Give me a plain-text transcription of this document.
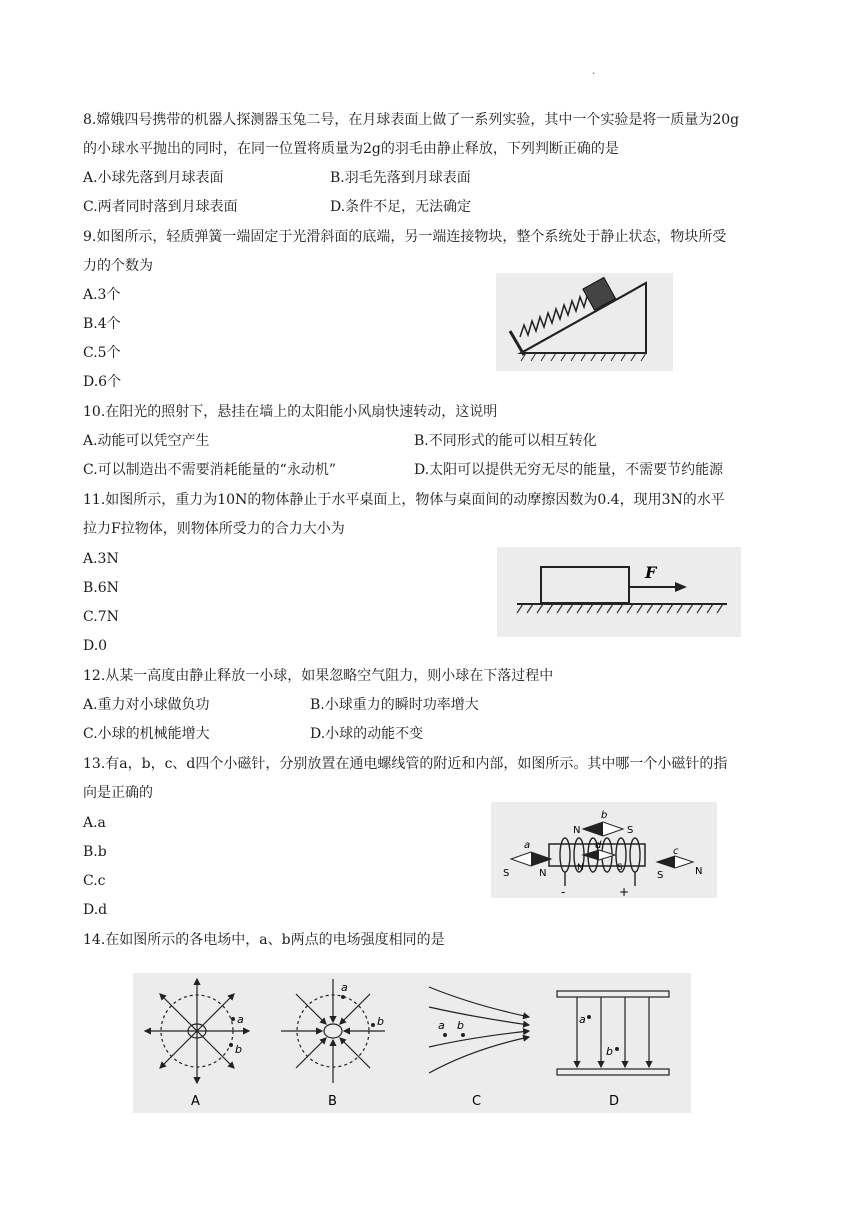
.
8.嫦娥四号携带的机器人探测器玉兔二号，在月球表面上做了一系列实验，其中一个实验是将一质量为20g
的小球水平抛出的同时，在同一位置将质量为2g的羽毛由静止释放，下列判断正确的是
A.小球先落到月球表面	B.羽毛先落到月球表面
C.两者同时落到月球表面	D.条件不足，无法确定
9.如图所示，轻质弹簧一端固定于光滑斜面的底端，另一端连接物块，整个系统处于静止状态，物块所受
力的个数为
A.3个
B.4个
C.5个
D.6个
10.在阳光的照射下，悬挂在墙上的太阳能小风扇快速转动，这说明
A.动能可以凭空产生	B.不同形式的能可以相互转化
C.可以制造出不需要消耗能量的“永动机”	D.太阳可以提供无穷无尽的能量，不需要节约能源
11.如图所示，重力为10N的物体静止于水平桌面上，物体与桌面间的动摩擦因数为0.4，现用3N的水平
拉力F拉物体，则物体所受力的合力大小为
A.3N
B.6N
C.7N
D.0
F
12.从某一高度由静止释放一小球，如果忽略空气阻力，则小球在下落过程中
A.重力对小球做负功	B.小球重力的瞬时功率增大
C.小球的机械能增大	D.小球的动能不变
13.有a，b，c、d四个小磁针，分别放置在通电螺线管的附近和内部，如图所示。其中哪一个小磁针的指
向是正确的
A.a
B.b
C.c
D.d
-	+
a
S	N
b
N	S
d
N	S
c
S	N
14.在如图所示的各电场中，a、b两点的电场强度相同的是
a
b
A
a
b
B
a b
C
a
b
D
